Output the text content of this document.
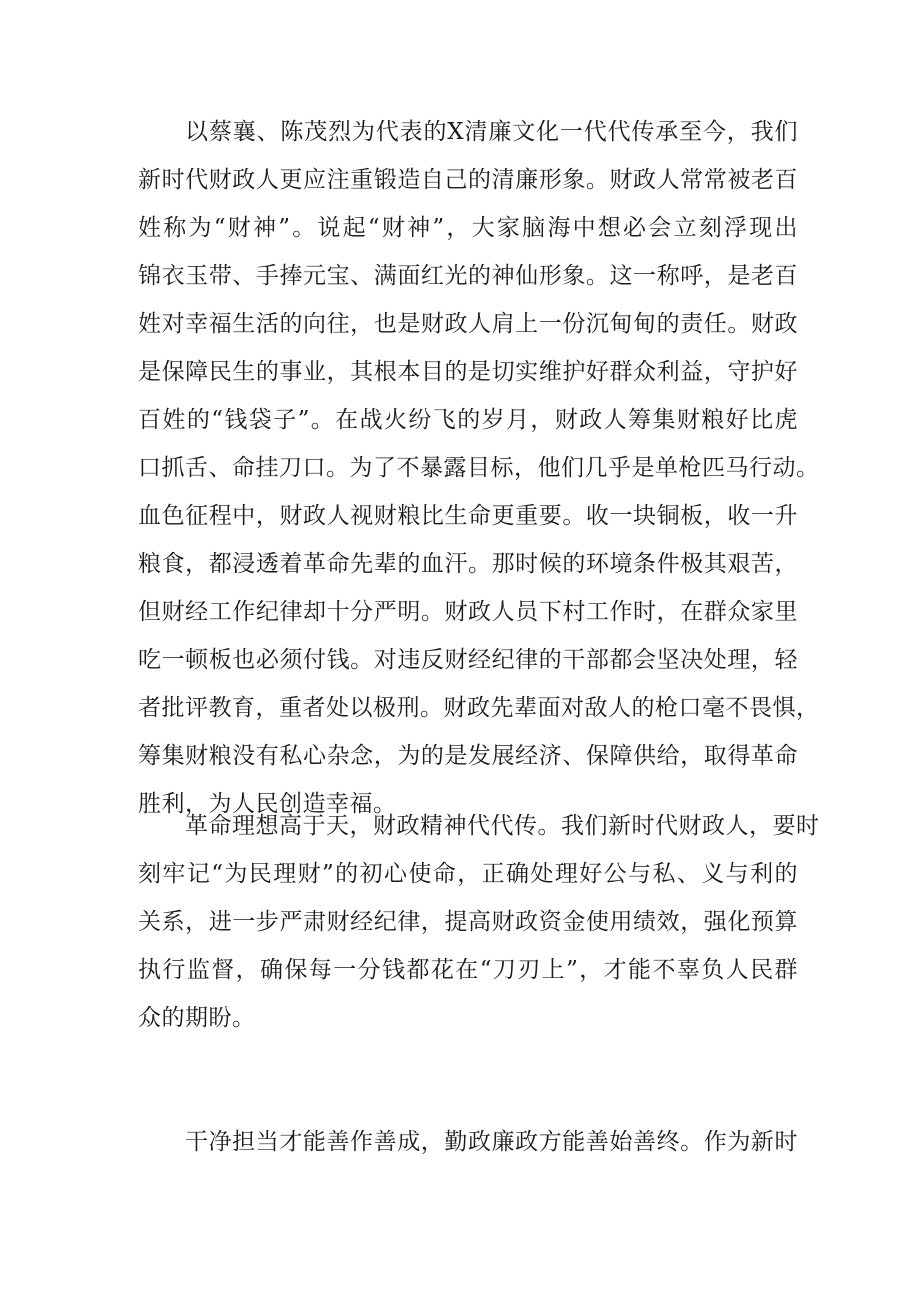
以蔡襄、陈茂烈为代表的X清廉文化一代代传承至今，我们
新时代财政人更应注重锻造自己的清廉形象。财政人常常被老百
姓称为“财神”。说起“财神”，大家脑海中想必会立刻浮现出
锦衣玉带、手捧元宝、满面红光的神仙形象。这一称呼，是老百
姓对幸福生活的向往，也是财政人肩上一份沉甸甸的责任。财政
是保障民生的事业，其根本目的是切实维护好群众利益，守护好
百姓的“钱袋子”。在战火纷飞的岁月，财政人筹集财粮好比虎
口抓舌、命挂刀口。为了不暴露目标，他们几乎是单枪匹马行动。
血色征程中，财政人视财粮比生命更重要。收一块铜板，收一升
粮食，都浸透着革命先辈的血汗。那时候的环境条件极其艰苦，
但财经工作纪律却十分严明。财政人员下村工作时，在群众家里
吃一顿板也必须付钱。对违反财经纪律的干部都会坚决处理，轻
者批评教育，重者处以极刑。财政先辈面对敌人的枪口毫不畏惧，
筹集财粮没有私心杂念，为的是发展经济、保障供给，取得革命
胜利，为人民创造幸福。
革命理想高于天，财政精神代代传。我们新时代财政人，要时
刻牢记“为民理财”的初心使命，正确处理好公与私、义与利的
关系，进一步严肃财经纪律，提高财政资金使用绩效，强化预算
执行监督，确保每一分钱都花在“刀刃上”，才能不辜负人民群
众的期盼。
干净担当才能善作善成，勤政廉政方能善始善终。作为新时
